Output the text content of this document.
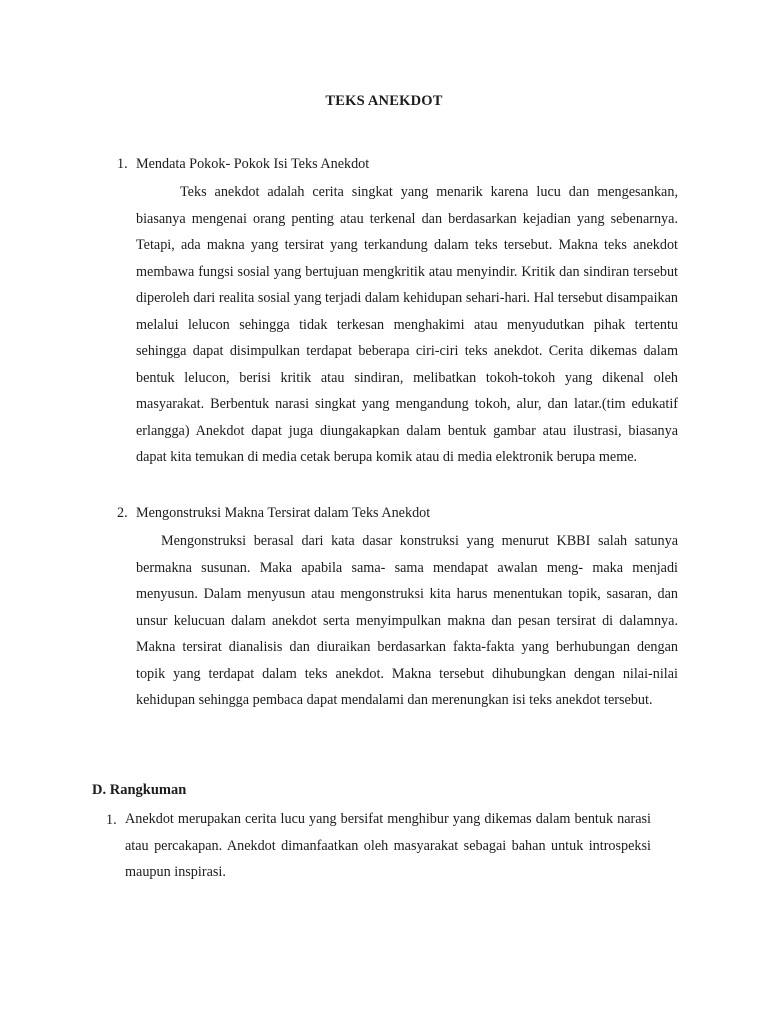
TEKS ANEKDOT
1. Mendata Pokok- Pokok Isi Teks Anekdot
Teks anekdot adalah cerita singkat yang menarik karena lucu dan mengesankan, biasanya mengenai orang penting atau terkenal dan berdasarkan kejadian yang sebenarnya. Tetapi, ada makna yang tersirat yang terkandung dalam teks tersebut. Makna teks anekdot membawa fungsi sosial yang bertujuan mengkritik atau menyindir. Kritik dan sindiran tersebut diperoleh dari realita sosial yang terjadi dalam kehidupan sehari-hari. Hal tersebut disampaikan melalui lelucon sehingga tidak terkesan menghakimi atau menyudutkan pihak tertentu sehingga dapat disimpulkan terdapat beberapa ciri-ciri teks anekdot. Cerita dikemas dalam bentuk lelucon, berisi kritik atau sindiran, melibatkan tokoh-tokoh yang dikenal oleh masyarakat. Berbentuk narasi singkat yang mengandung tokoh, alur, dan latar.(tim edukatif erlangga) Anekdot dapat juga diungakapkan dalam bentuk gambar atau ilustrasi, biasanya dapat kita temukan di media cetak berupa komik atau di media elektronik berupa meme.
2. Mengonstruksi Makna Tersirat dalam Teks Anekdot
Mengonstruksi berasal dari kata dasar konstruksi yang menurut KBBI salah satunya bermakna susunan. Maka apabila sama- sama mendapat awalan meng- maka menjadi menyusun. Dalam menyusun atau mengonstruksi kita harus menentukan topik, sasaran, dan unsur kelucuan dalam anekdot serta menyimpulkan makna dan pesan tersirat di dalamnya. Makna tersirat dianalisis dan diuraikan berdasarkan fakta-fakta yang berhubungan dengan topik yang terdapat dalam teks anekdot. Makna tersebut dihubungkan dengan nilai-nilai kehidupan sehingga pembaca dapat mendalami dan merenungkan isi teks anekdot tersebut.
D. Rangkuman
1. Anekdot merupakan cerita lucu yang bersifat menghibur yang dikemas dalam bentuk narasi atau percakapan. Anekdot dimanfaatkan oleh masyarakat sebagai bahan untuk introspeksi maupun inspirasi.
